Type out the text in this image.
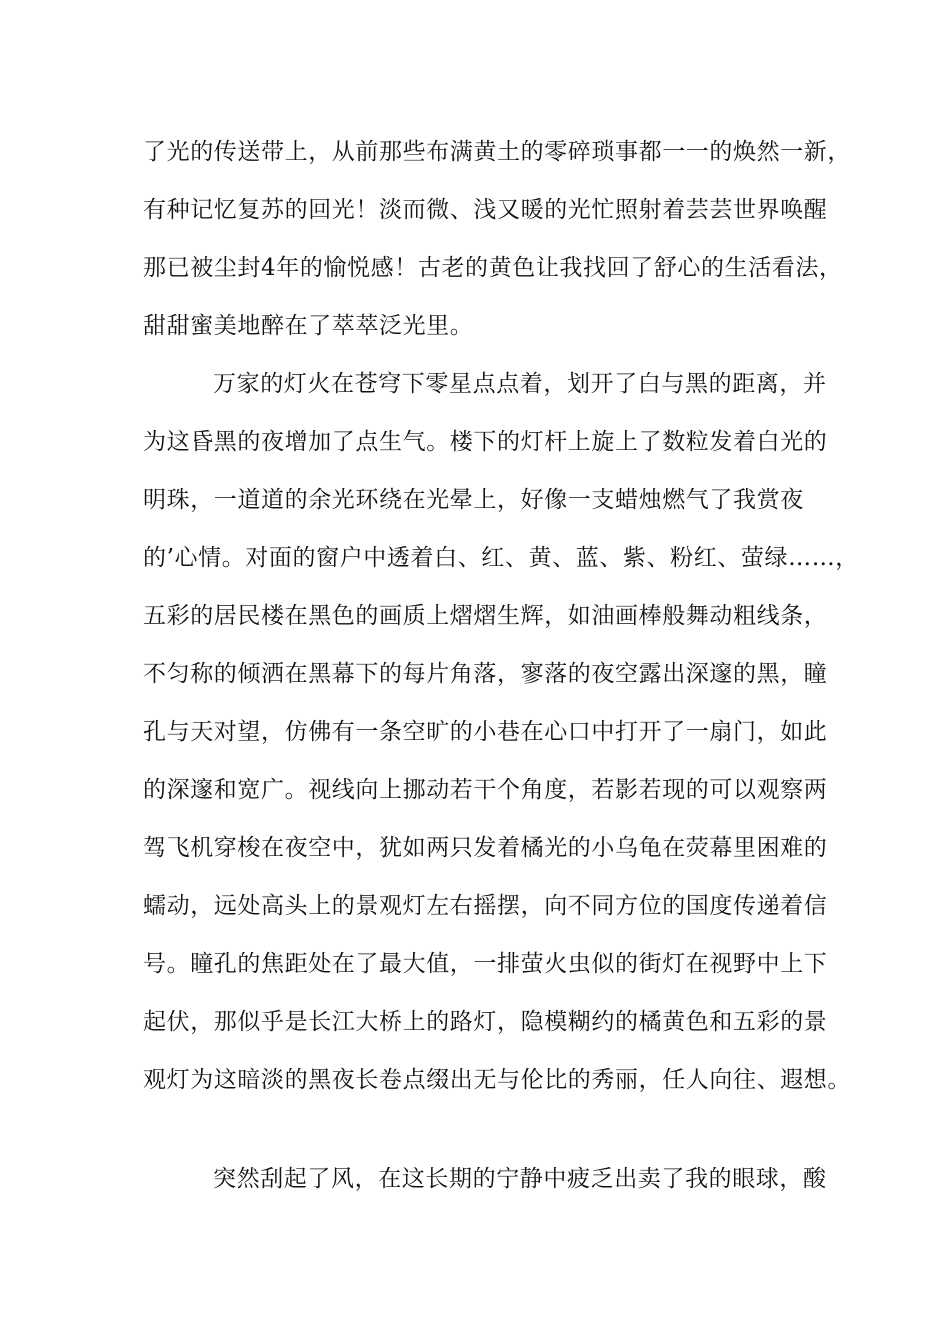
了光的传送带上，从前那些布满黄土的零碎琐事都一一的焕然一新，
有种记忆复苏的回光！淡而微、浅又暖的光忙照射着芸芸世界唤醒
那已被尘封4年的愉悦感！古老的黄色让我找回了舒心的生活看法，
甜甜蜜美地醉在了萃萃泛光里。
万家的灯火在苍穹下零星点点着，划开了白与黑的距离，并
为这昏黑的夜增加了点生气。楼下的灯杆上旋上了数粒发着白光的
明珠，一道道的余光环绕在光晕上，好像一支蜡烛燃气了我赏夜
的’心情。对面的窗户中透着白、红、黄、蓝、紫、粉红、萤绿……，
五彩的居民楼在黑色的画质上熠熠生辉，如油画棒般舞动粗线条，
不匀称的倾洒在黑幕下的每片角落，寥落的夜空露出深邃的黑，瞳
孔与天对望，仿佛有一条空旷的小巷在心口中打开了一扇门，如此
的深邃和宽广。视线向上挪动若干个角度，若影若现的可以观察两
驾飞机穿梭在夜空中，犹如两只发着橘光的小乌龟在荧幕里困难的
蠕动，远处高头上的景观灯左右摇摆，向不同方位的国度传递着信
号。瞳孔的焦距处在了最大值，一排萤火虫似的街灯在视野中上下
起伏，那似乎是长江大桥上的路灯，隐模糊约的橘黄色和五彩的景
观灯为这暗淡的黑夜长卷点缀出无与伦比的秀丽，任人向往、遐想。
突然刮起了风，在这长期的宁静中疲乏出卖了我的眼球，酸
